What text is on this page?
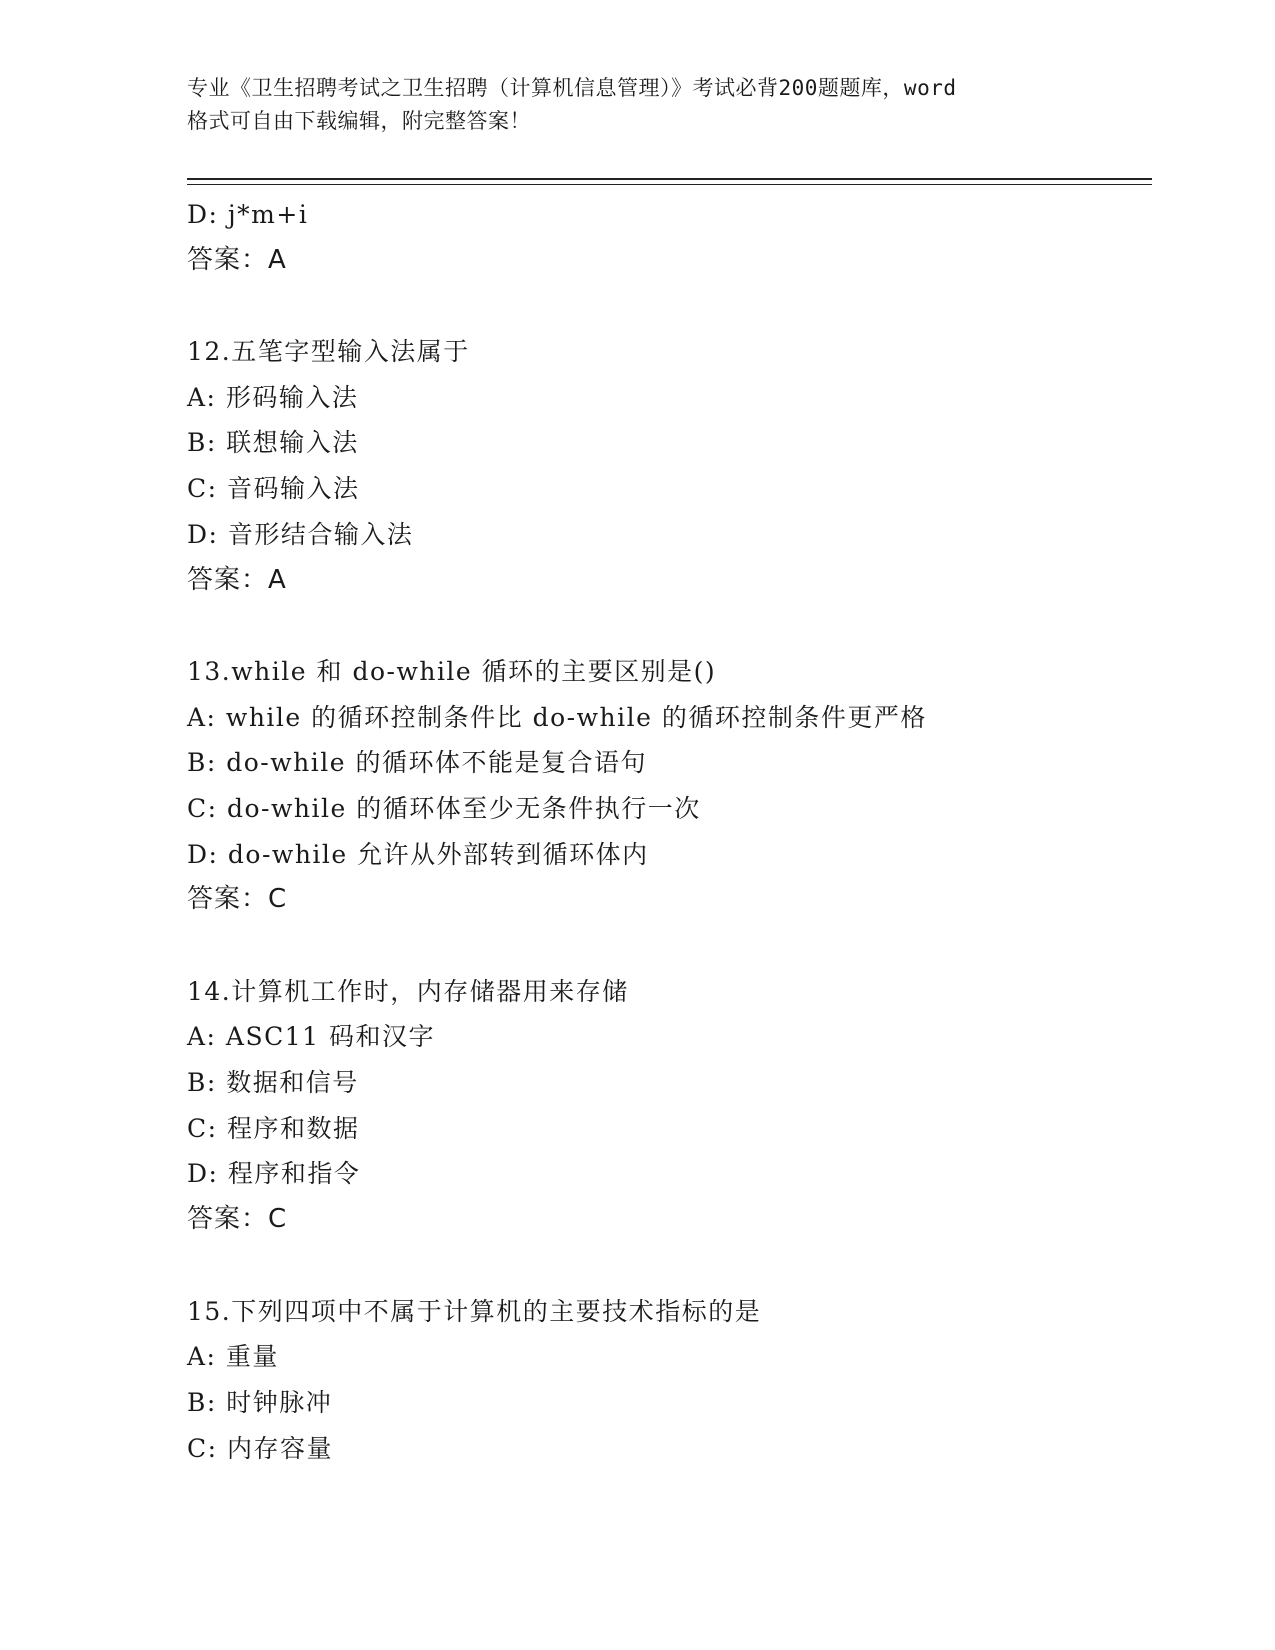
专业《卫生招聘考试之卫生招聘（计算机信息管理）》考试必背200题题库，word
格式可自由下载编辑，附完整答案！
D: j*m+i
答案：A
12.五笔字型输入法属于
A: 形码输入法
B: 联想输入法
C: 音码输入法
D: 音形结合输入法
答案：A
13.while 和 do-while 循环的主要区别是()
A: while 的循环控制条件比 do-while 的循环控制条件更严格
B: do-while 的循环体不能是复合语句
C: do-while 的循环体至少无条件执行一次
D: do-while 允许从外部转到循环体内
答案：C
14.计算机工作时，内存储器用来存储
A: ASC11 码和汉字
B: 数据和信号
C: 程序和数据
D: 程序和指令
答案：C
15.下列四项中不属于计算机的主要技术指标的是
A: 重量
B: 时钟脉冲
C: 内存容量
